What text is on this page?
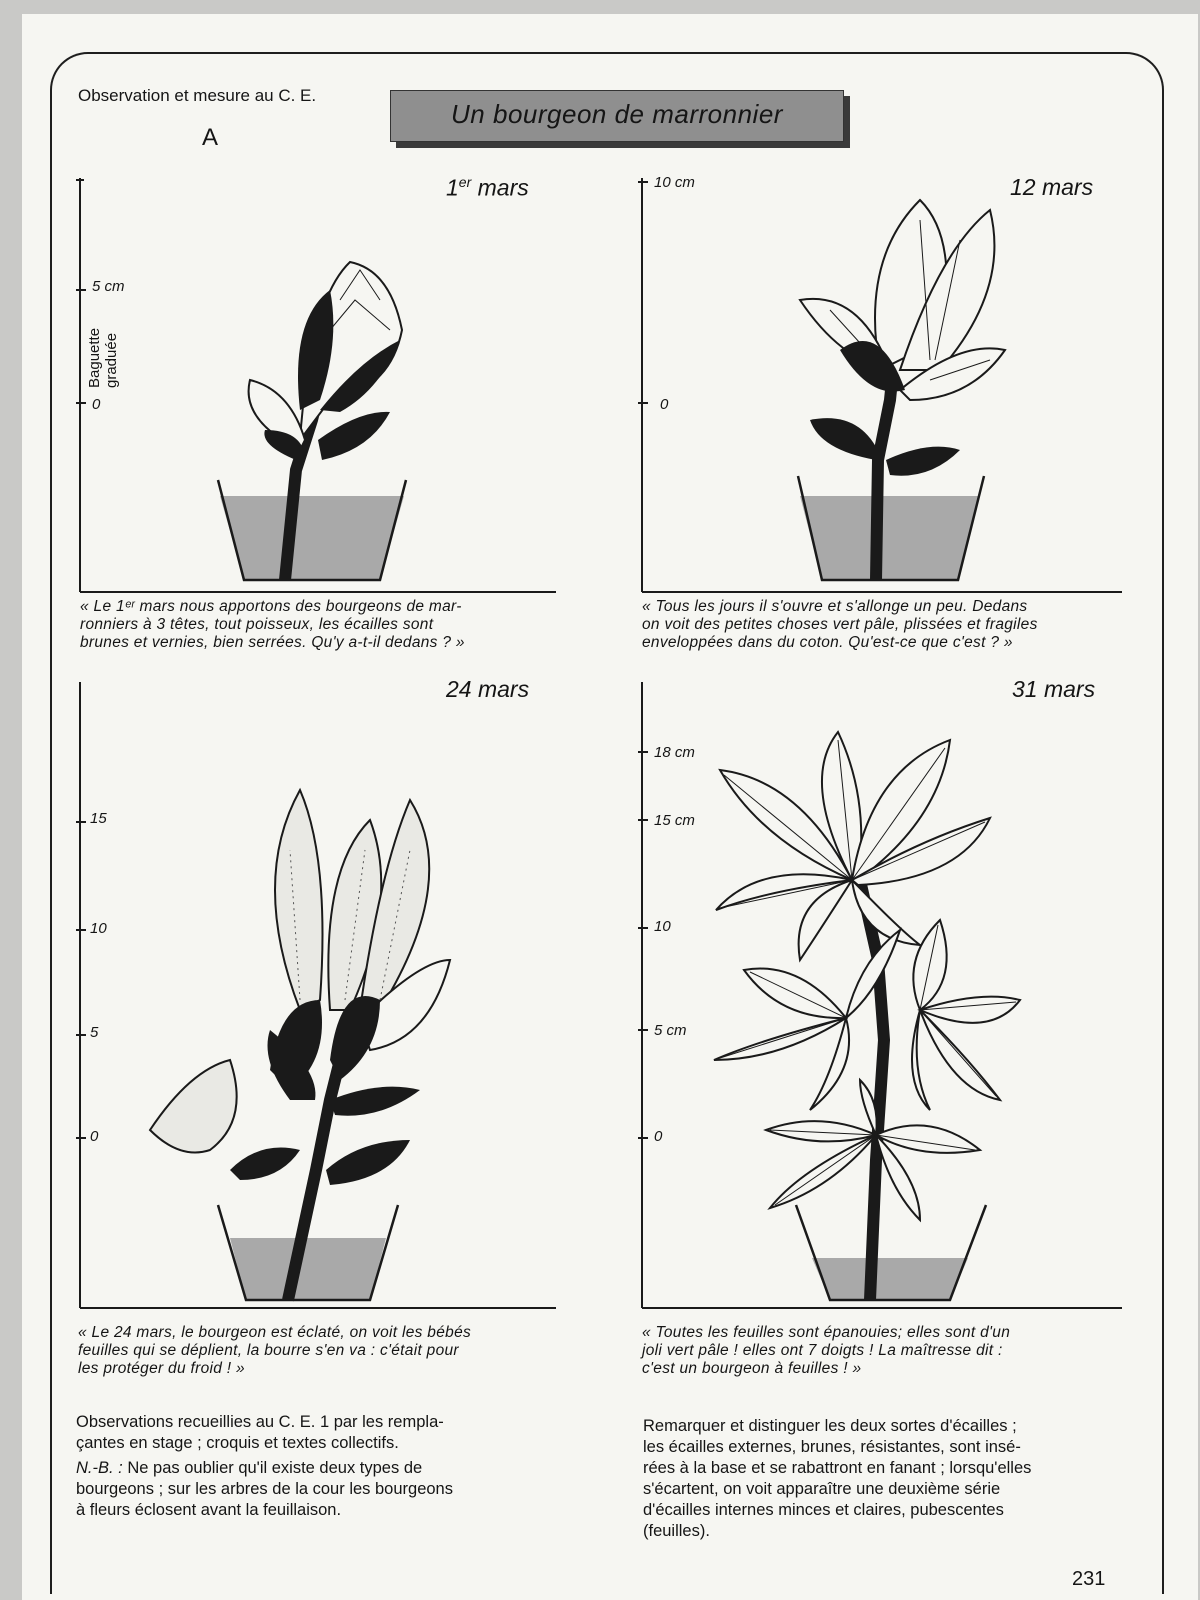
Observation et mesure au C. E.
Un bourgeon de marronnier
A
1er mars
5 cm
0
Baguette graduée
« Le 1ᵉʳ mars nous apportons des bourgeons de mar-
ronniers à 3 têtes, tout poisseux, les écailles sont
brunes et vernies, bien serrées. Qu'y a-t-il dedans ? »
12 mars
10 cm
0
« Tous les jours il s'ouvre et s'allonge un peu. Dedans
on voit des petites choses vert pâle, plissées et fragiles
enveloppées dans du coton. Qu'est-ce que c'est ? »
24 mars
15
10
5
0
« Le 24 mars, le bourgeon est éclaté, on voit les bébés
feuilles qui se déplient, la bourre s'en va : c'était pour
les protéger du froid ! »
31 mars
18 cm
15 cm
10
5 cm
0
« Toutes les feuilles sont épanouies; elles sont d'un
joli vert pâle ! elles ont 7 doigts ! La maîtresse dit :
c'est un bourgeon à feuilles ! »

Observations recueillies au C. E. 1 par les rempla-
çantes en stage ; croquis et textes collectifs.

N.-B. : Ne pas oublier qu'il existe deux types de
bourgeons ; sur les arbres de la cour les bourgeons
à fleurs éclosent avant la feuillaison.

Remarquer et distinguer les deux sortes d'écailles ;
les écailles externes, brunes, résistantes, sont insé-
rées à la base et se rabattront en fanant ; lorsqu'elles
s'écartent, on voit apparaître une deuxième série
d'écailles internes minces et claires, pubescentes
(feuilles).
231
